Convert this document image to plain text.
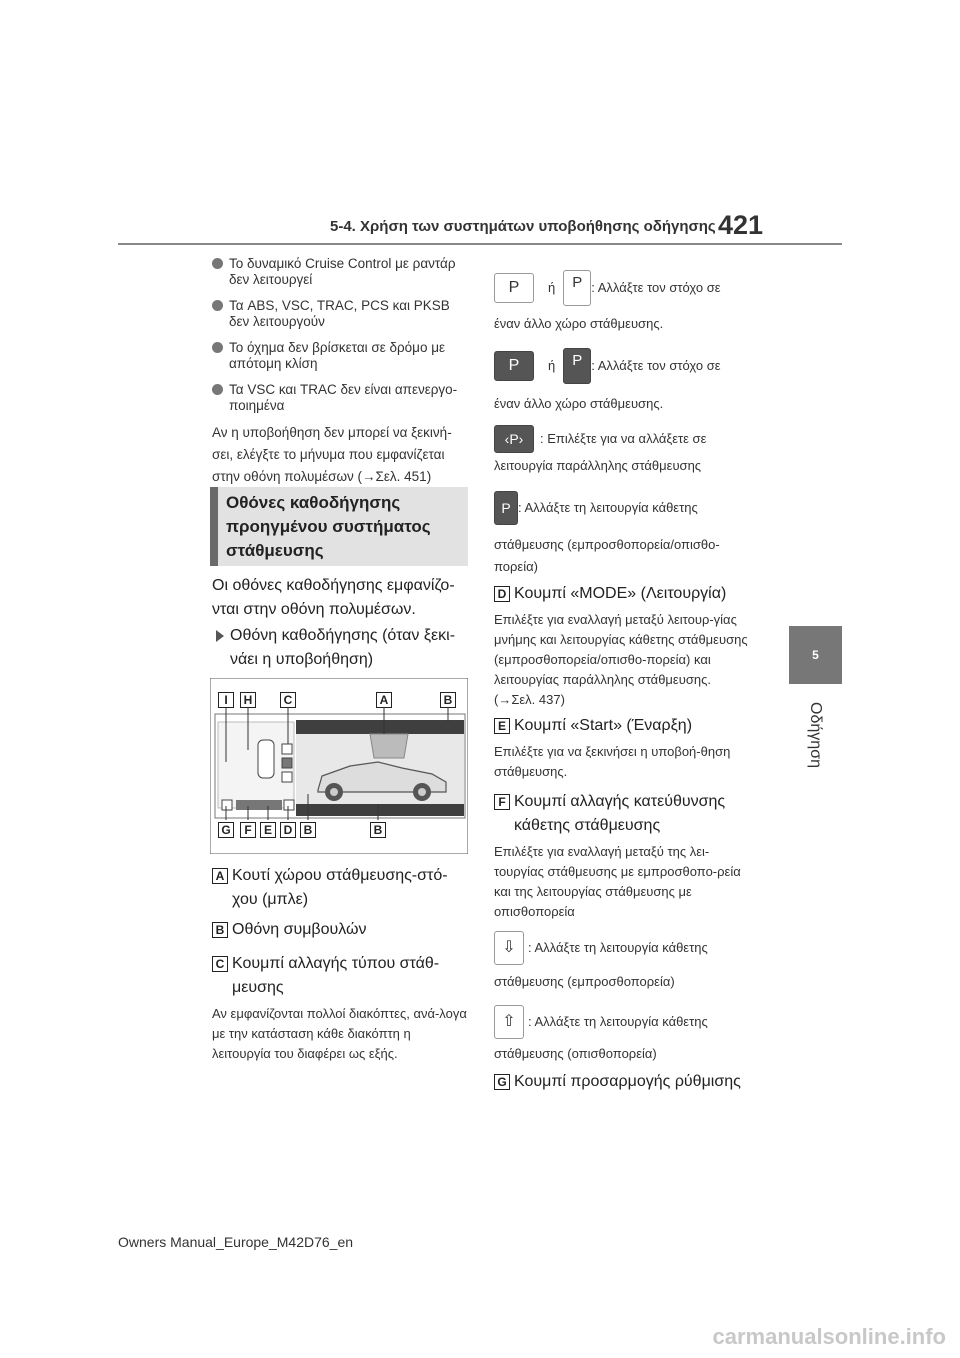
5-4. Χρήση των συστημάτων υποβοήθησης οδήγησης 421
5
Οδήγηση
Το δυναμικό Cruise Control με ραντάρ δεν λειτουργεί
Τα ABS, VSC, TRAC, PCS και PKSB δεν λειτουργούν
Το όχημα δεν βρίσκεται σε δρόμο με απότομη κλίση
Τα VSC και TRAC δεν είναι απενεργο-ποιημένα
Αν η υποβοήθηση δεν μπορεί να ξεκινή-σει, ελέγξτε το μήνυμα που εμφανίζεται στην οθόνη πολυμέσων (→Σελ. 451)
Οθόνες καθοδήγησης προηγμένου συστήματος στάθμευσης
Οι οθόνες καθοδήγησης εμφανίζο-νται στην οθόνη πολυμέσων.
Οθόνη καθοδήγησης (όταν ξεκι-νάει η υποβοήθηση)
I	H	C	A	B
G	F	E D B	B
A Κουτί χώρου στάθμευσης-στό-χου (μπλε)
B Οθόνη συμβουλών
C Κουμπί αλλαγής τύπου στάθ-μευσης
Αν εμφανίζονται πολλοί διακόπτες, ανά-λογα με την κατάσταση κάθε διακόπτη η λειτουργία του διαφέρει ως εξής.
P	ή	P : Αλλάξτε τον στόχο σε
έναν άλλο χώρο στάθμευσης.
P	ή	P : Αλλάξτε τον στόχο σε
έναν άλλο χώρο στάθμευσης.
‹P›	: Επιλέξτε για να αλλάξετε σε
λειτουργία παράλληλης στάθμευσης
P : Αλλάξτε τη λειτουργία κάθετης
στάθμευσης (εμπροσθοπορεία/οπισθο-πορεία)
D Κουμπί «MODE» (Λειτουργία)
Επιλέξτε για εναλλαγή μεταξύ λειτουρ-γίας μνήμης και λειτουργίας κάθετης στάθμευσης (εμπροσθοπορεία/οπισθο-πορεία) και λειτουργίας παράλληλης στάθμευσης. (→Σελ. 437)
E Κουμπί «Start» (Έναρξη)
Επιλέξτε για να ξεκινήσει η υποβοή-θηση στάθμευσης.
F Κουμπί αλλαγής κατεύθυνσης κάθετης στάθμευσης
Επιλέξτε για εναλλαγή μεταξύ της λει-τουργίας στάθμευσης με εμπροσθοπο-ρεία και της λειτουργίας στάθμευσης με οπισθοπορεία
⇩ : Αλλάξτε τη λειτουργία κάθετης
στάθμευσης (εμπροσθοπορεία)
⇧ : Αλλάξτε τη λειτουργία κάθετης
στάθμευσης (οπισθοπορεία)
G Κουμπί προσαρμογής ρύθμισης
Owners Manual_Europe_M42D76_en
carmanualsonline.info
